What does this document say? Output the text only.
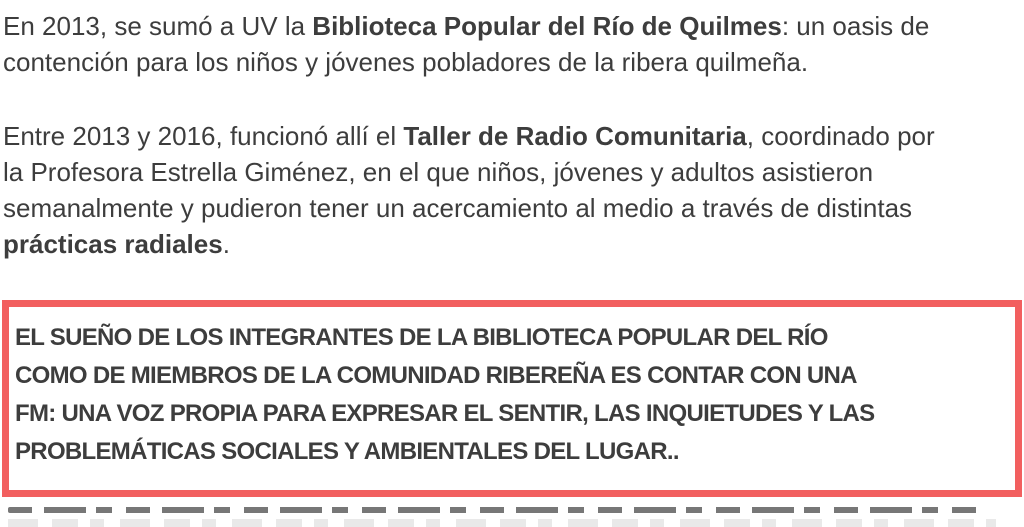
En 2013, se sumó a UV la Biblioteca Popular del Río de Quilmes: un oasis de
contención para los niños y jóvenes pobladores de la ribera quilmeña.

Entre 2013 y 2016, funcionó allí el Taller de Radio Comunitaria, coordinado por
la Profesora Estrella Giménez, en el que niños, jóvenes y adultos asistieron
semanalmente y pudieron tener un acercamiento al medio a través de distintas
prácticas radiales.

EL SUEÑO DE LOS INTEGRANTES DE LA BIBLIOTECA POPULAR DEL RÍO
COMO DE MIEMBROS DE LA COMUNIDAD RIBEREÑA ES CONTAR CON UNA
FM: UNA VOZ PROPIA PARA EXPRESAR EL SENTIR, LAS INQUIETUDES Y LAS
PROBLEMÁTICAS SOCIALES Y AMBIENTALES DEL LUGAR..
